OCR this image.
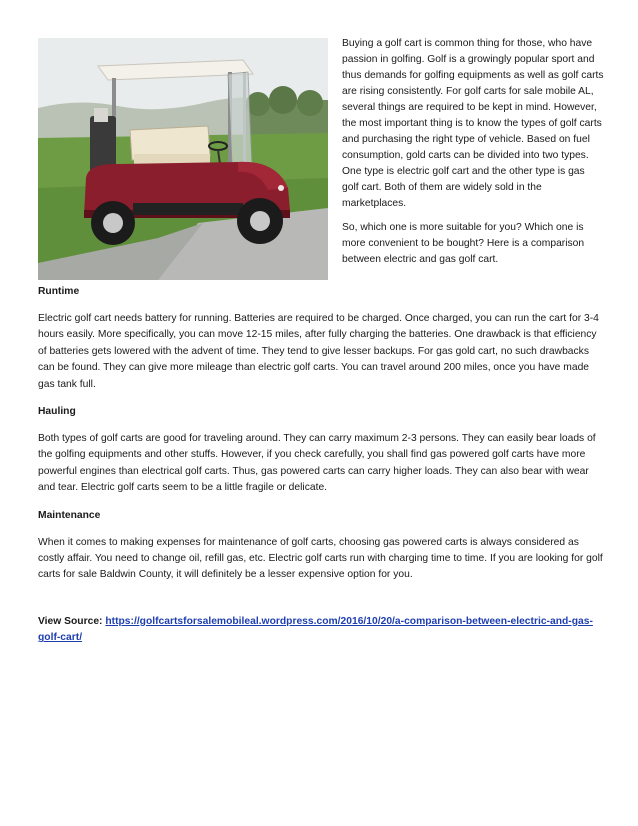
Buying a golf cart is common thing for those, who have passion in golfing. Golf is a growingly popular sport and thus demands for golfing equipments as well as golf carts are rising consistently. For golf carts for sale mobile AL, several things are required to be kept in mind. However, the most important thing is to know the types of golf carts and purchasing the right type of vehicle. Based on fuel consumption, gold carts can be divided into two types. One type is electric golf cart and the other type is gas golf cart. Both of them are widely sold in the marketplaces.

So, which one is more suitable for you? Which one is more convenient to be bought? Here is a comparison between electric and gas golf cart.

Runtime

Electric golf cart needs battery for running. Batteries are required to be charged. Once charged, you can run the cart for 3-4 hours easily. More specifically, you can move 12-15 miles, after fully charging the batteries. One drawback is that efficiency of batteries gets lowered with the advent of time. They tend to give lesser backups. For gas gold cart, no such drawbacks can be found. They can give more mileage than electric golf carts. You can travel around 200 miles, once you have made gas tank full.

Hauling

Both types of golf carts are good for traveling around. They can carry maximum 2-3 persons. They can easily bear loads of the golfing equipments and other stuffs. However, if you check carefully, you shall find gas powered golf carts have more powerful engines than electrical golf carts. Thus, gas powered carts can carry higher loads. They can also bear with wear and tear. Electric golf carts seem to be a little fragile or delicate.

Maintenance

When it comes to making expenses for maintenance of golf carts, choosing gas powered carts is always considered as costly affair. You need to change oil, refill gas, etc. Electric golf carts run with charging time to time. If you are looking for golf carts for sale Baldwin County, it will definitely be a lesser expensive option for you.

View Source: https://golfcartsforsalemobileal.wordpress.com/2016/10/20/a-comparison-between-electric-and-gas-golf-cart/
